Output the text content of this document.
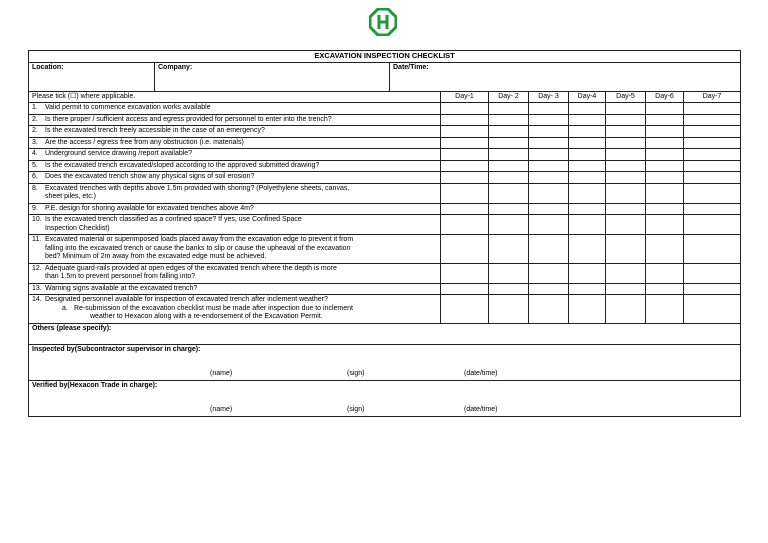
EXCAVATION INSPECTION CHECKLIST									
Location:	Company:	Date/Time:							
Please tick (☐) where applicable.			Day-1	Day- 2	Day- 3	Day-4	Day-5	Day-6	Day-7
1. Valid permit to commence excavation works available									
2. Is there proper / sufficient access and egress provided for personnel to enter into the trench?									
2. Is the excavated trench freely accessible in the case of an emergency?									
3. Are the access / egress free from any obstruction (i.e. materials)									
4. Underground service drawing /report available?									
5. Is the excavated trench excavated/sloped according to the approved submitted drawing?									
6. Does the excavated trench show any physical signs of soil erosion?									
8. Excavated trenches with depths above 1.5m provided with shoring? (Polyethylene sheets, canvas,
sheet piles, etc.)									

9. P.E. design for shoring available for excavated trenches above 4m?									
10. Is the excavated trench classified as a confined space? If yes, use Confined Space
Inspection Checklist)									

11. Excavated material or superimposed loads placed away from the excavation edge to prevent it from
falling into the excavated trench or cause the banks to slip or cause the upheaval of the excavation
bed? Minimum of 2m away from the excavated edge must be achieved.									

12. Adequate guard-rails provided at open edges of the excavated trench where the depth is more
than 1.5m to prevent personnel from falling into?									

13. Warning signs available at the excavated trench?									
14. Designated personnel available for inspection of excavated trench after inclement weather?
a. Re-submission of the excavation checklist must be made after inspection due to inclement
weather to Hexacon along with a re-endorsement of the Excavation Permit.									

Others (please specify):									
Inspected by(Subcontractor supervisor in charge):
(name) (sign) (date/time)									

Verified by(Hexacon Trade in charge):
(name) (sign) (date/time)									
